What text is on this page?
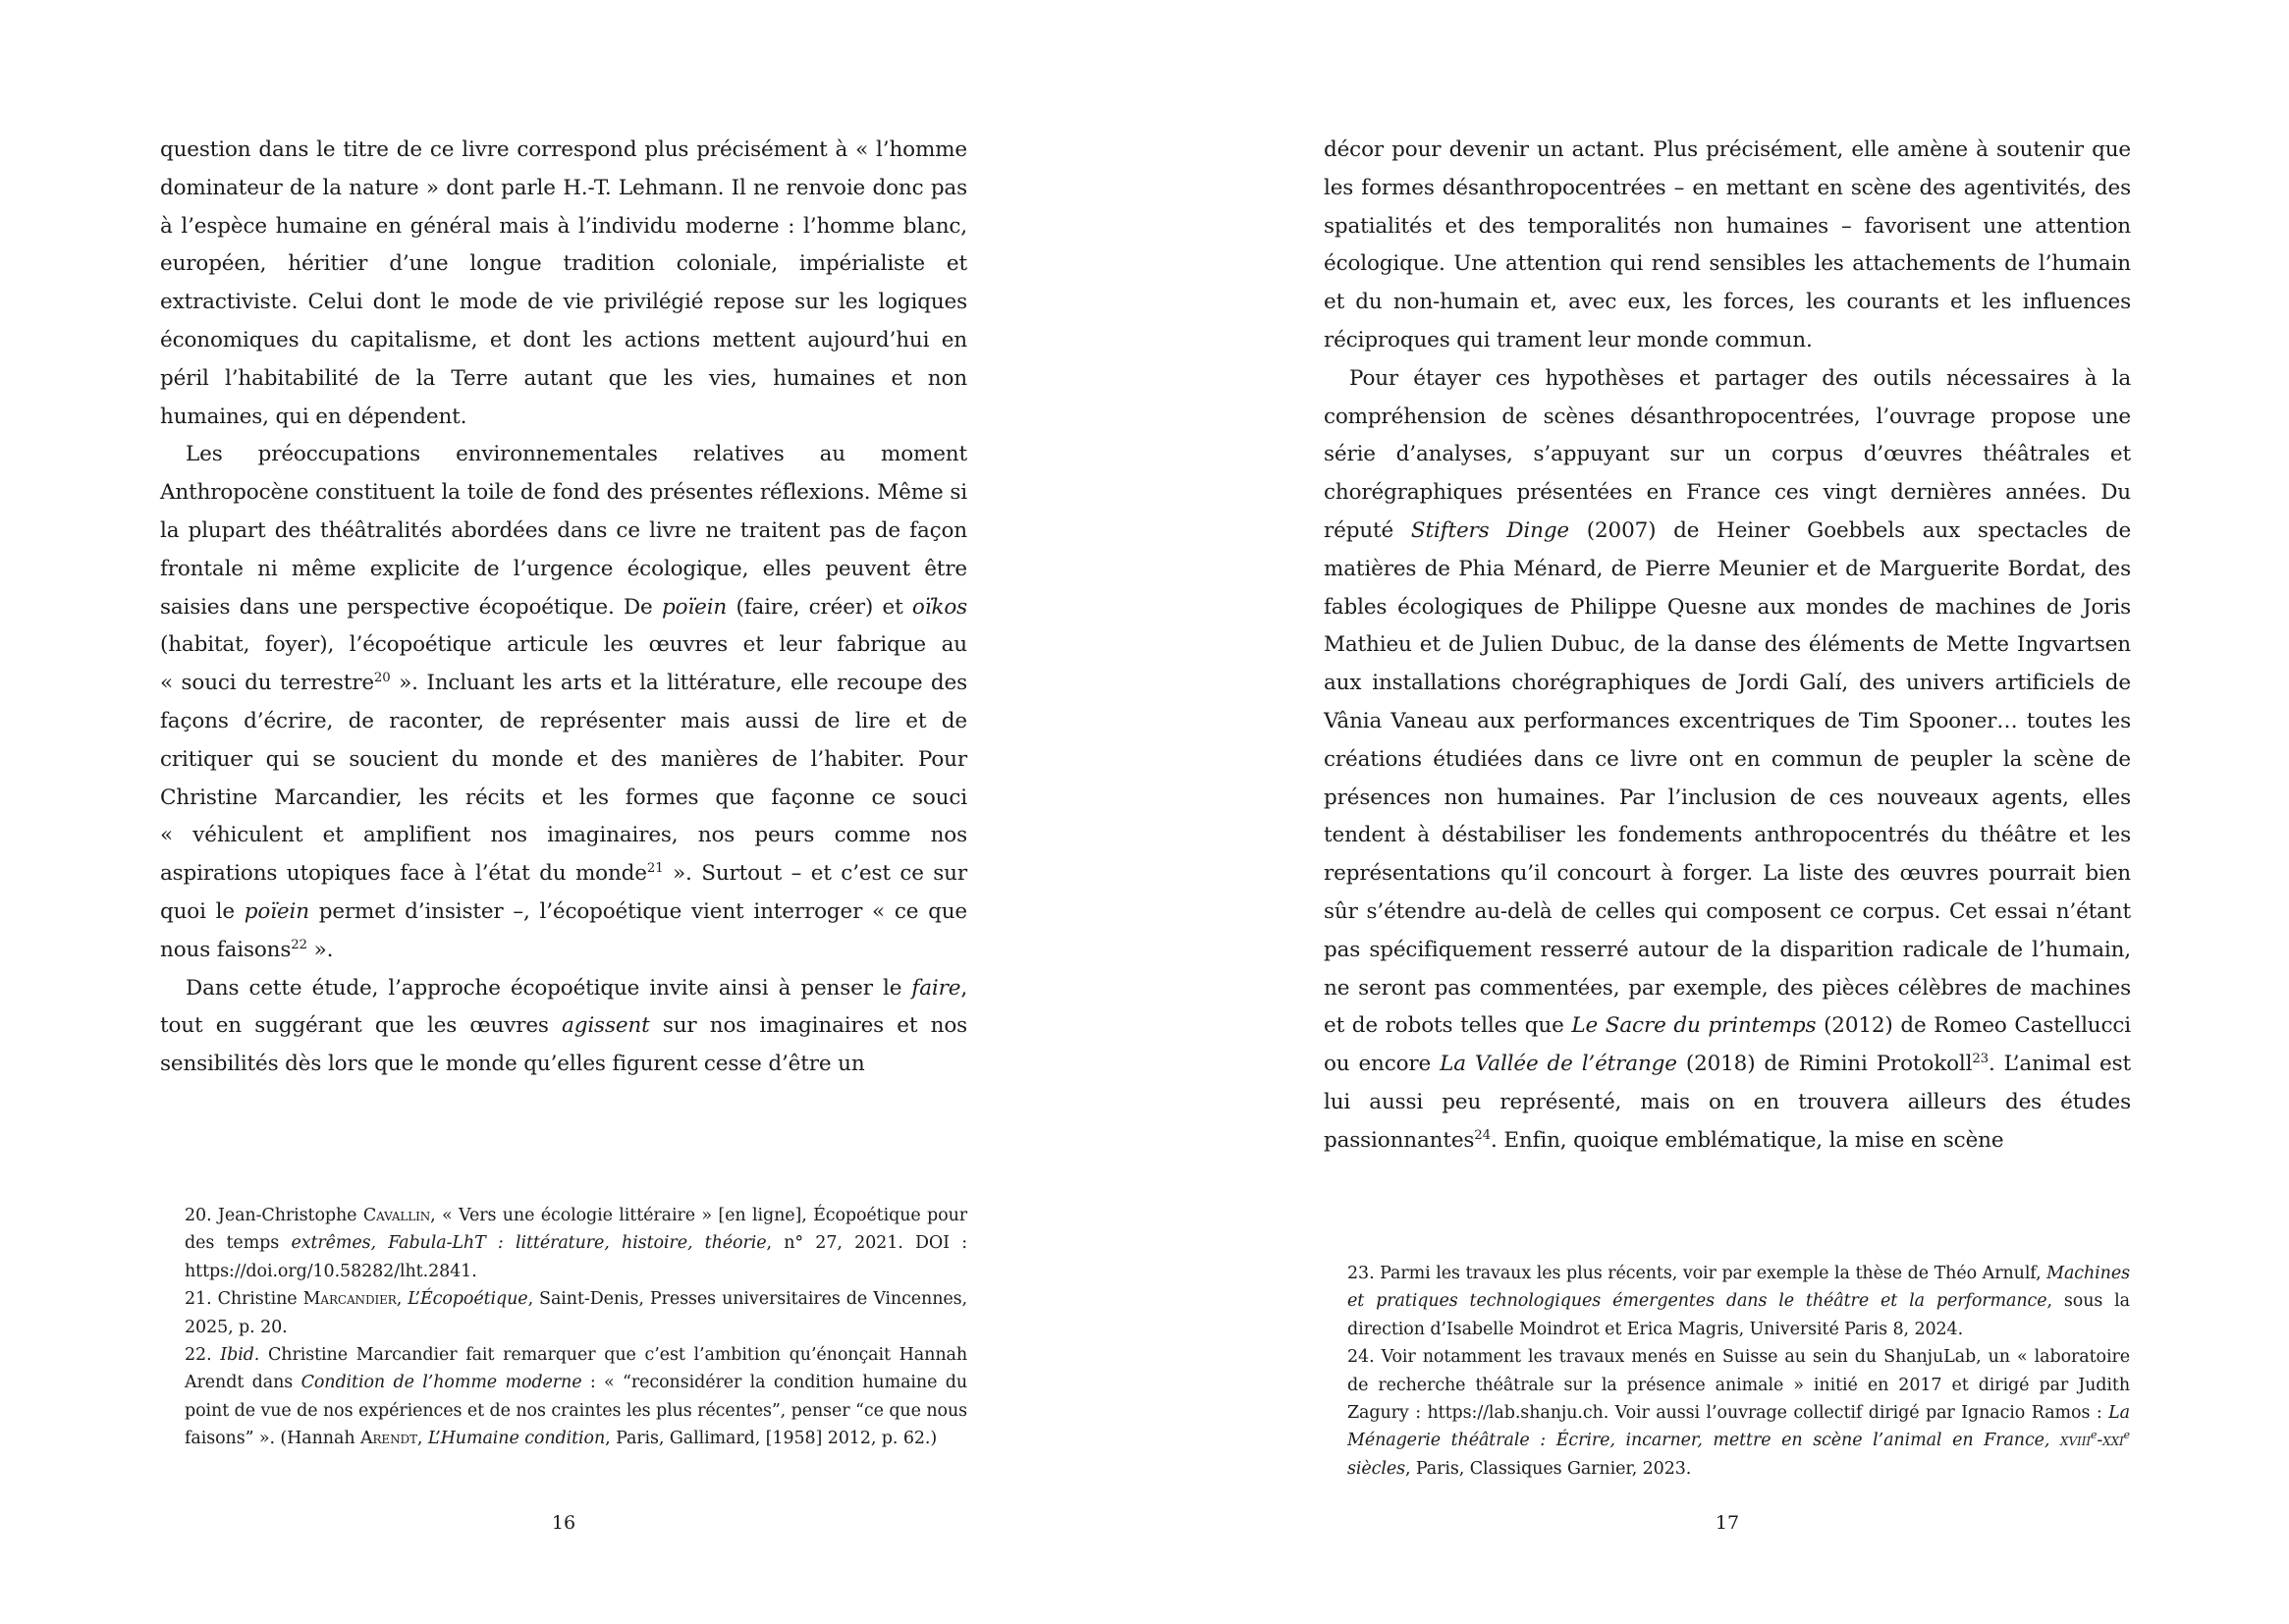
question dans le titre de ce livre correspond plus précisément à « l’homme dominateur de la nature » dont parle H.-T. Lehmann. Il ne renvoie donc pas à l’espèce humaine en général mais à l’individu moderne : l’homme blanc, européen, héritier d’une longue tradition coloniale, impérialiste et extractiviste. Celui dont le mode de vie privilégié repose sur les logiques économiques du capitalisme, et dont les actions mettent aujourd’hui en péril l’habitabilité de la Terre autant que les vies, humaines et non humaines, qui en dépendent.

Les préoccupations environnementales relatives au moment Anthropocène constituent la toile de fond des présentes réflexions. Même si la plupart des théâtralités abordées dans ce livre ne traitent pas de façon frontale ni même explicite de l’urgence écologique, elles peuvent être saisies dans une perspective écopoétique. De poïein (faire, créer) et oïkos (habitat, foyer), l’écopoétique articule les œuvres et leur fabrique au « souci du terrestre$^{20}$ ». Incluant les arts et la littérature, elle recoupe des façons d’écrire, de raconter, de représenter mais aussi de lire et de critiquer qui se soucient du monde et des manières de l’habiter. Pour Christine Marcandier, les récits et les formes que façonne ce souci « véhiculent et amplifient nos imaginaires, nos peurs comme nos aspirations utopiques face à l’état du monde$^{21}$ ». Surtout – et c’est ce sur quoi le poïein permet d’insister –, l’écopoétique vient interroger « ce que nous faisons$^{22}$ ».

Dans cette étude, l’approche écopoétique invite ainsi à penser le faire, tout en suggérant que les œuvres agissent sur nos imaginaires et nos sensibilités dès lors que le monde qu’elles figurent cesse d’être un

20. Jean-Christophe Cavallin, « Vers une écologie littéraire » [en ligne], Écopoétique pour des temps extrêmes, Fabula-LhT : littérature, histoire, théorie, n° 27, 2021. DOI : https://doi.org/10.58282/lht.2841.

21. Christine Marcandier, L’Écopoétique, Saint-Denis, Presses universitaires de Vincennes, 2025, p. 20.

22. Ibid. Christine Marcandier fait remarquer que c’est l’ambition qu’énonçait Hannah Arendt dans Condition de l’homme moderne : « “reconsidérer la condition humaine du point de vue de nos expériences et de nos craintes les plus récentes”, penser “ce que nous faisons” ». (Hannah Arendt, L’Humaine condition, Paris, Gallimard, [1958] 2012, p. 62.)

16

décor pour devenir un actant. Plus précisément, elle amène à soutenir que les formes désanthropocentrées – en mettant en scène des agentivités, des spatialités et des temporalités non humaines – favorisent une attention écologique. Une attention qui rend sensibles les attachements de l’humain et du non-humain et, avec eux, les forces, les courants et les influences réciproques qui trament leur monde commun.

Pour étayer ces hypothèses et partager des outils nécessaires à la compréhension de scènes désanthropocentrées, l’ouvrage propose une série d’analyses, s’appuyant sur un corpus d’œuvres théâtrales et chorégraphiques présentées en France ces vingt dernières années. Du réputé Stifters Dinge (2007) de Heiner Goebbels aux spectacles de matières de Phia Ménard, de Pierre Meunier et de Marguerite Bordat, des fables écologiques de Philippe Quesne aux mondes de machines de Joris Mathieu et de Julien Dubuc, de la danse des éléments de Mette Ingvartsen aux installations chorégraphiques de Jordi Galí, des univers artificiels de Vânia Vaneau aux performances excentriques de Tim Spooner… toutes les créations étudiées dans ce livre ont en commun de peupler la scène de présences non humaines. Par l’inclusion de ces nouveaux agents, elles tendent à déstabiliser les fondements anthropocentrés du théâtre et les représentations qu’il concourt à forger. La liste des œuvres pourrait bien sûr s’étendre au-delà de celles qui composent ce corpus. Cet essai n’étant pas spécifiquement resserré autour de la disparition radicale de l’humain, ne seront pas commentées, par exemple, des pièces célèbres de machines et de robots telles que Le Sacre du printemps (2012) de Romeo Castellucci ou encore La Vallée de l’étrange (2018) de Rimini Protokoll$^{23}$. L’animal est lui aussi peu représenté, mais on en trouvera ailleurs des études passionnantes$^{24}$. Enfin, quoique emblématique, la mise en scène

23. Parmi les travaux les plus récents, voir par exemple la thèse de Théo Arnulf, Machines et pratiques technologiques émergentes dans le théâtre et la performance, sous la direction d’Isabelle Moindrot et Erica Magris, Université Paris 8, 2024.

24. Voir notamment les travaux menés en Suisse au sein du ShanjuLab, un « laboratoire de recherche théâtrale sur la présence animale » initié en 2017 et dirigé par Judith Zagury : https://lab.shanju.ch. Voir aussi l’ouvrage collectif dirigé par Ignacio Ramos : La Ménagerie théâtrale : Écrire, incarner, mettre en scène l’animal en France, xviii$^e$-xxi$^e$ siècles, Paris, Classiques Garnier, 2023.

17
